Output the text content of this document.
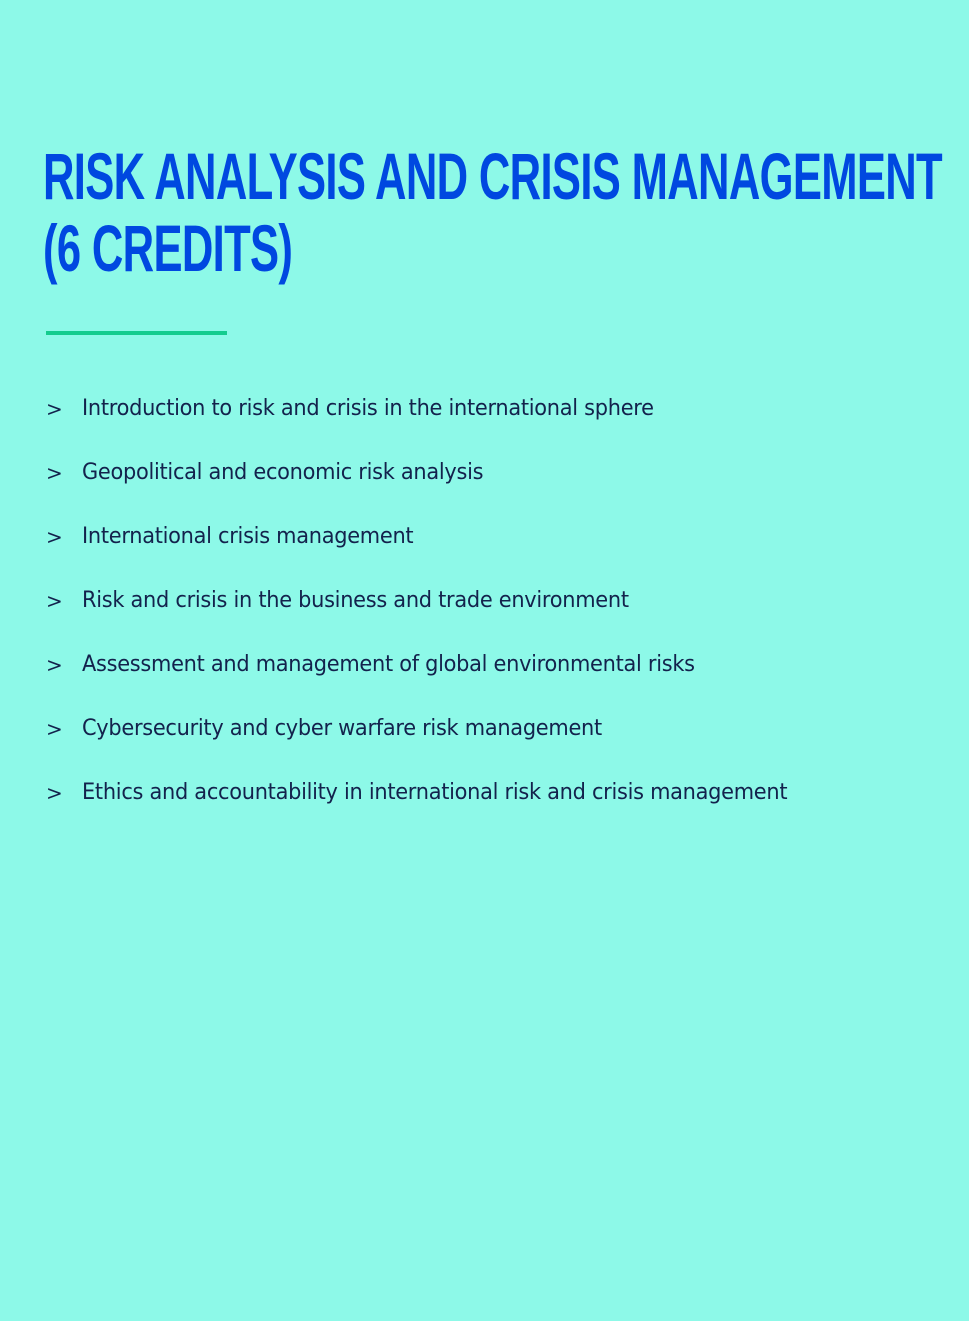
RISK ANALYSIS AND CRISIS MANAGEMENT
(6 CREDITS)
> Introduction to risk and crisis in the international sphere
> Geopolitical and economic risk analysis
> International crisis management
> Risk and crisis in the business and trade environment
> Assessment and management of global environmental risks
> Cybersecurity and cyber warfare risk management
> Ethics and accountability in international risk and crisis management
